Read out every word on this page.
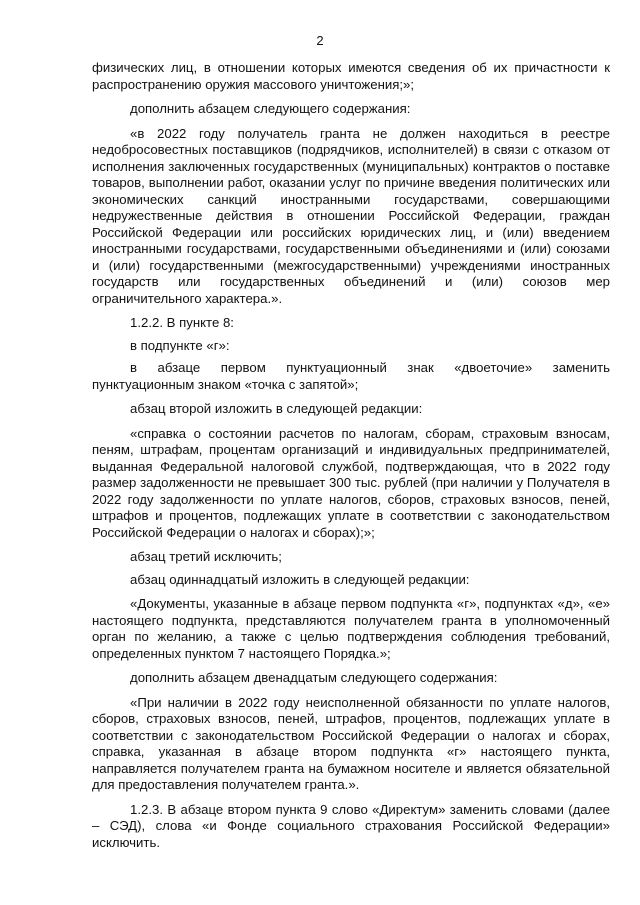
2

физических лиц, в отношении которых имеются сведения об их причастности к распространению оружия массового уничтожения;»;

дополнить абзацем следующего содержания:

«в 2022 году получатель гранта не должен находиться в реестре недобросовестных поставщиков (подрядчиков, исполнителей) в связи с отказом от исполнения заключенных государственных (муниципальных) контрактов о поставке товаров, выполнении работ, оказании услуг по причине введения политических или экономических санкций иностранными государствами, совершающими недружественные действия в отношении Российской Федерации, граждан Российской Федерации или российских юридических лиц, и (или) введением иностранными государствами, государственными объединениями и (или) союзами и (или) государственными (межгосударственными) учреждениями иностранных государств или государственных объединений и (или) союзов мер ограничительного характера.».

1.2.2. В пункте 8:

в подпункте «г»:

в абзаце первом пунктуационный знак «двоеточие» заменить пунктуационным знаком «точка с запятой»;

абзац второй изложить в следующей редакции:

«справка о состоянии расчетов по налогам, сборам, страховым взносам, пеням, штрафам, процентам организаций и индивидуальных предпринимателей, выданная Федеральной налоговой службой, подтверждающая, что в 2022 году размер задолженности не превышает 300 тыс. рублей (при наличии у Получателя в 2022 году задолженности по уплате налогов, сборов, страховых взносов, пеней, штрафов и процентов, подлежащих уплате в соответствии с законодательством Российской Федерации о налогах и сборах);»;

абзац третий исключить;

абзац одиннадцатый изложить в следующей редакции:

«Документы, указанные в абзаце первом подпункта «г», подпунктах «д», «е» настоящего подпункта, представляются получателем гранта в уполномоченный орган по желанию, а также с целью подтверждения соблюдения требований, определенных пунктом 7 настоящего Порядка.»;

дополнить абзацем двенадцатым следующего содержания:

«При наличии в 2022 году неисполненной обязанности по уплате налогов, сборов, страховых взносов, пеней, штрафов, процентов, подлежащих уплате в соответствии с законодательством Российской Федерации о налогах и сборах, справка, указанная в абзаце втором подпункта «г» настоящего пункта, направляется получателем гранта на бумажном носителе и является обязательной для предоставления получателем гранта.».

1.2.3. В абзаце втором пункта 9 слово «Директум» заменить словами (далее – СЭД), слова «и Фонде социального страхования Российской Федерации» исключить.
